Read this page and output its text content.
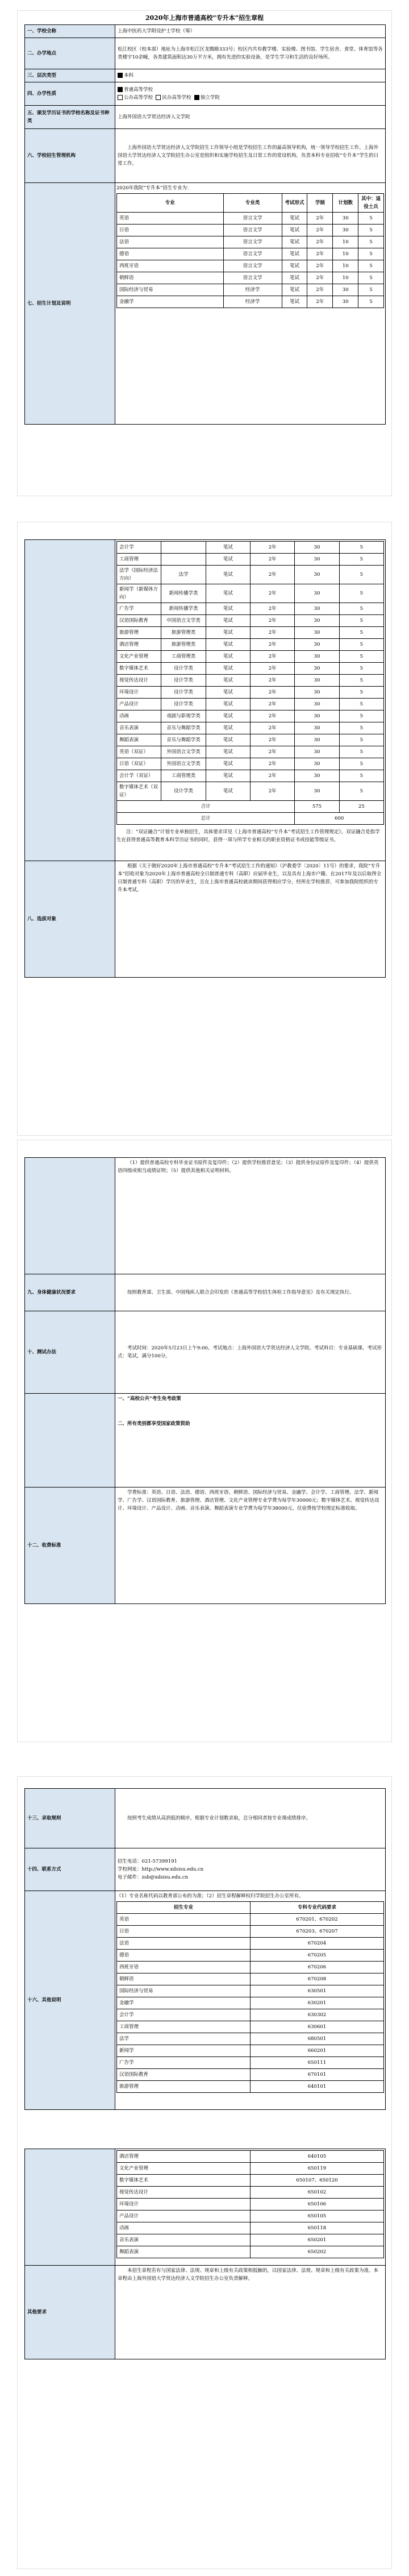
2020年上海市普通高校“专升本”招生章程
一、学校全称	上海中医药大学附设护士学校（筹）
二、办学地点	松江校区（校本部）地址为上海市松江区龙腾路333号；校区内共有教学楼、实验楼、图书馆、学生宿舍、食堂、体育馆等各类楼宇10余幢，各类建筑面积达30万平方米，拥有先进的实验设备，是学生学习和生活的良好场所。
三、层次类型	本科
四、办学性质	
普通高等学校
公办高等学校 民办高等学校 独立学院

五、颁发学历证书的学校名称及证书种类	上海外国语大学贤达经济人文学院
六、学校招生管理机构	上海外国语大学贤达经济人文学院招生工作领导小组是学校招生工作的最高领导机构，统一领导学校招生工作。上海外国语大学贤达经济人文学院招生办公室是组织和实施学校招生及日常工作的常设机构，负责本科专业招收“专升本”学生的日常工作。
七、招生计划及说明	
2020年我院“专升本”招生专业为：
专业	专业类	考试形式	学制	计划数	其中：退役士兵
英语	语言文学	笔试	2年	30	5
日语	语言文学	笔试	2年	30	5
法语	语言文学	笔试	2年	10	5
德语	语言文学	笔试	2年	10	5
西班牙语	语言文学	笔试	2年	10	5
朝鲜语	语言文学	笔试	2年	10	5
国际经济与贸易	经济学	笔试	2年	30	5
金融学	经济学	笔试	2年	30	5

会计学		笔试	2年	30	5
工商管理		笔试	2年	30	5
法学（国际经济法方向）	法学	笔试	2年	30	5
新闻学（新媒体方向）	新闻传播学类	笔试	2年	30	5
广告学	新闻传播学类	笔试	2年	30	5
汉语国际教育	中国语言文学类	笔试	2年	30	5
旅游管理	旅游管理类	笔试	2年	30	5
酒店管理	旅游管理类	笔试	2年	30	5
文化产业管理	工商管理类	笔试	2年	30	5
数字媒体艺术	设计学类	笔试	2年	30	5
视觉传达设计	设计学类	笔试	2年	30	5
环境设计	设计学类	笔试	2年	30	5
产品设计	设计学类	笔试	2年	30	5
动画	戏剧与影视学类	笔试	2年	30	5
音乐表演	音乐与舞蹈学类	笔试	2年	30	5
舞蹈表演	音乐与舞蹈学类	笔试	2年	30	5
英语（双证）	外国语言文学类	笔试	2年	30	5
日语（双证）	外国语言文学类	笔试	2年	30	5
会计学（双证）	工商管理类	笔试	2年	30	5
数字媒体艺术（双证）	设计学类	笔试	2年	30	5
合计	575	25
总计	600
注：“双证融合”计划专业单独招生，具体要求详见《上海市普通高校“专升本”考试招生工作管理规定》。双证融合是指学生在获得普通高等教育本科学历证书的同时，获得一项与所学专业相关的职业资格证书或技能等级证书。

八、选拔对象	根据《关于做好2020年上海市普通高校“专升本”考试招生工作的通知》（沪教委学〔2020〕11号）的要求，我院“专升本”招收对象为2020年上海市普通高校全日制普通专科（高职）应届毕业生，以及具有上海市户籍、在2017年及以后取得全日制普通专科（高职）学历的毕业生，且在上海市普通高校就读期间获得相应学分，经所在学校推荐，可参加我院组织的专升本考试。
	（1）提供普通高校专科毕业证书原件及复印件；（2）提供学校推荐意见；（3）提供身份证原件及复印件；（4）提供英语四级或相当成绩证明；（5）提供其他相关证明材料。
九、身体健康状况要求	按照教育部、卫生部、中国残疾人联合会印发的《普通高等学校招生体检工作指导意见》及有关规定执行。
十、测试办法	考试时间：2020年5月23日上午9:00。考试地点：上海外国语大学贤达经济人文学院。考试科目：专业基础课。考试形式：笔试，满分100分。

	一、“高校公共”考生免考政策
二、所有类别都享受国家政策资助

十二、收费标准	学费标准：英语、日语、法语、德语、西班牙语、朝鲜语、国际经济与贸易、金融学、会计学、工商管理、法学、新闻学、广告学、汉语国际教育、旅游管理、酒店管理、文化产业管理专业学费为每学年30000元；数字媒体艺术、视觉传达设计、环境设计、产品设计、动画、音乐表演、舞蹈表演专业学费为每学年38000元。住宿费按学校规定标准收取。
十三、录取规则	按照考生成绩从高到低的顺序，根据专业计划数录取，总分相同者按专业课成绩排序。
十四、联系方式	
招生电话：021-57399191
学校网址：http://www.xdsisu.edu.cn
电子邮件：zsb@xdsisu.edu.cn

十六、其他说明	
（1）专业名称代码以教育部公布的为准；（2）招生章程解释权归学院招生办公室所有。
招生专业	专科专业代码要求
英语	670201、670202
日语	670203、670207
法语	670204
德语	670205
西班牙语	670206
朝鲜语	670208
国际经济与贸易	630501
金融学	630201
会计学	630302
工商管理	630601
法学	680501
新闻学	660201
广告学	650111
汉语国际教育	670101
旅游管理	640101

酒店管理	640105
文化产业管理	650119
数字媒体艺术	650107、650120
视觉传达设计	650102
环境设计	650106
产品设计	650105
动画	650118
音乐表演	650201
舞蹈表演	650202

其他要求	本招生章程若有与国家法律、法规、规章和上级有关政策相抵触的，以国家法律、法规、规章和上级有关政策为准。本章程由上海外国语大学贤达经济人文学院招生办公室负责解释。
